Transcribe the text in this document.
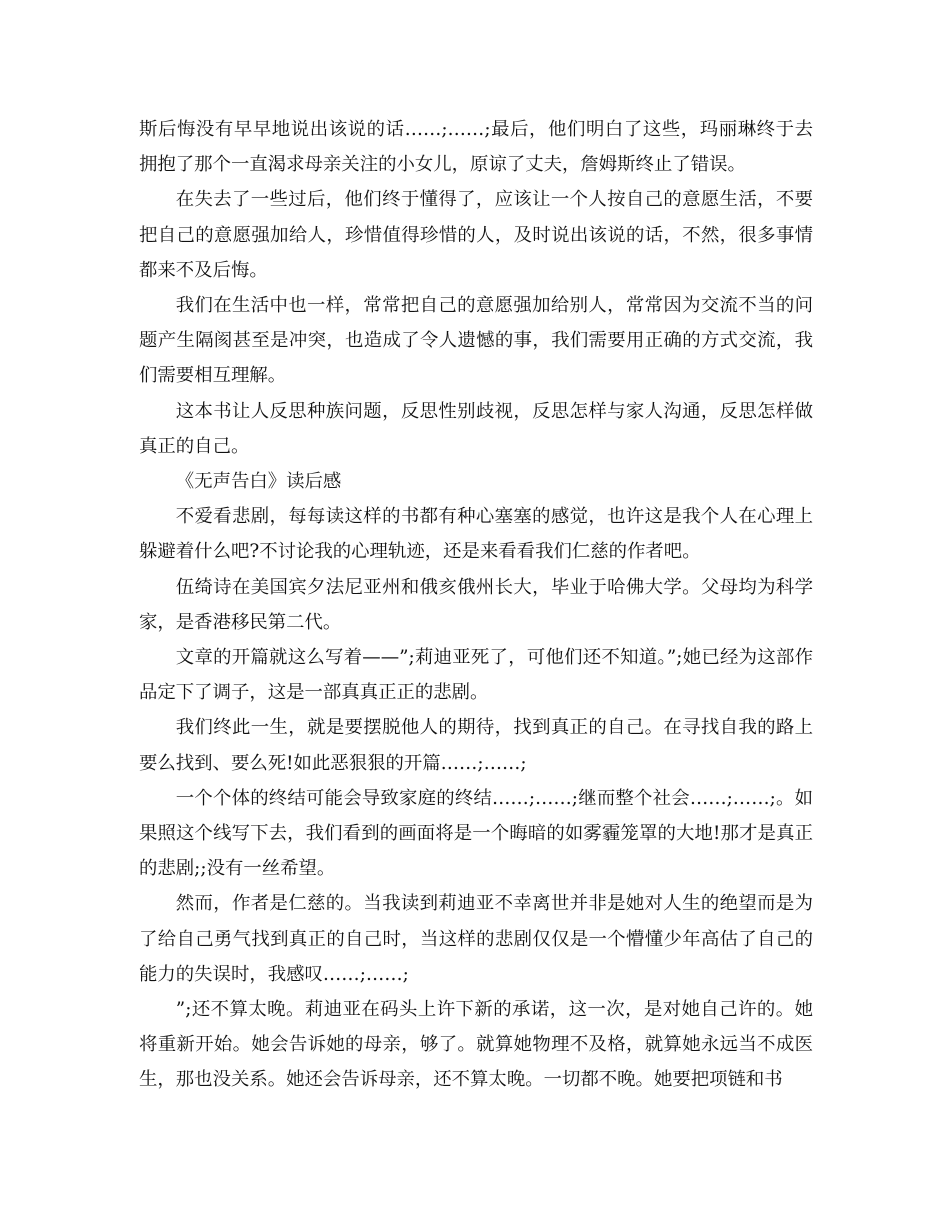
斯后悔没有早早地说出该说的话……;……;最后，他们明白了这些，玛丽琳终于去拥抱了那个一直渴求母亲关注的小女儿，原谅了丈夫，詹姆斯终止了错误。

在失去了一些过后，他们终于懂得了，应该让一个人按自己的意愿生活，不要把自己的意愿强加给人，珍惜值得珍惜的人，及时说出该说的话，不然，很多事情都来不及后悔。

我们在生活中也一样，常常把自己的意愿强加给别人，常常因为交流不当的问题产生隔阂甚至是冲突，也造成了令人遗憾的事，我们需要用正确的方式交流，我们需要相互理解。

这本书让人反思种族问题，反思性别歧视，反思怎样与家人沟通，反思怎样做真正的自己。

《无声告白》读后感

不爱看悲剧，每每读这样的书都有种心塞塞的感觉，也许这是我个人在心理上躲避着什么吧?不讨论我的心理轨迹，还是来看看我们仁慈的作者吧。

伍绮诗在美国宾夕法尼亚州和俄亥俄州长大，毕业于哈佛大学。父母均为科学家，是香港移民第二代。

文章的开篇就这么写着——”;莉迪亚死了，可他们还不知道。”;她已经为这部作品定下了调子，这是一部真真正正的悲剧。

我们终此一生，就是要摆脱他人的期待，找到真正的自己。在寻找自我的路上要么找到、要么死!如此恶狠狠的开篇……;……;

一个个体的终结可能会导致家庭的终结……;……;继而整个社会……;……;。如果照这个线写下去，我们看到的画面将是一个晦暗的如雾霾笼罩的大地!那才是真正的悲剧;;没有一丝希望。

然而，作者是仁慈的。当我读到莉迪亚不幸离世并非是她对人生的绝望而是为了给自己勇气找到真正的自己时，当这样的悲剧仅仅是一个懵懂少年高估了自己的能力的失误时，我感叹……;……;

”;还不算太晚。莉迪亚在码头上许下新的承诺，这一次，是对她自己许的。她将重新开始。她会告诉她的母亲，够了。就算她物理不及格，就算她永远当不成医生，那也没关系。她还会告诉母亲，还不算太晚。一切都不晚。她要把项链和书
